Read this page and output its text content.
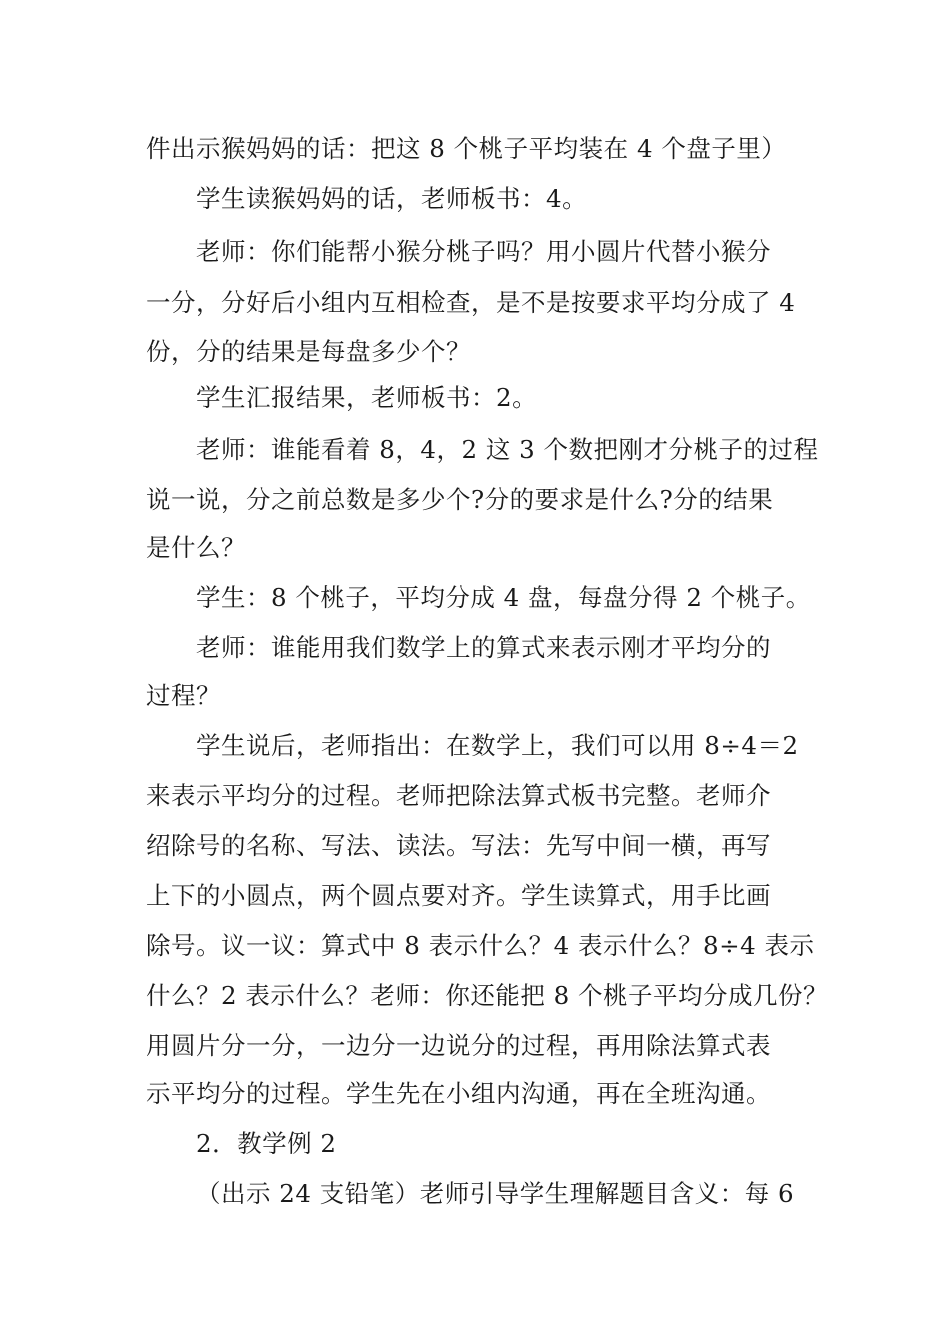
件出示猴妈妈的话：把这 8 个桃子平均装在 4 个盘子里）
学生读猴妈妈的话，老师板书：4。
老师：你们能帮小猴分桃子吗？用小圆片代替小猴分
一分，分好后小组内互相检查，是不是按要求平均分成了 4
份，分的结果是每盘多少个？
学生汇报结果，老师板书：2。
老师：谁能看着 8，4，2 这 3 个数把刚才分桃子的过程
说一说，分之前总数是多少个?分的要求是什么?分的结果
是什么？
学生：8 个桃子，平均分成 4 盘，每盘分得 2 个桃子。
老师：谁能用我们数学上的算式来表示刚才平均分的
过程？
学生说后，老师指出：在数学上，我们可以用 8÷4＝2
来表示平均分的过程。老师把除法算式板书完整。老师介
绍除号的名称、写法、读法。写法：先写中间一横，再写
上下的小圆点，两个圆点要对齐。学生读算式，用手比画
除号。议一议：算式中 8 表示什么？4 表示什么？8÷4 表示
什么？2 表示什么？老师：你还能把 8 个桃子平均分成几份？
用圆片分一分，一边分一边说分的过程，再用除法算式表
示平均分的过程。学生先在小组内沟通，再在全班沟通。
2．教学例 2
（出示 24 支铅笔）老师引导学生理解题目含义：每 6
